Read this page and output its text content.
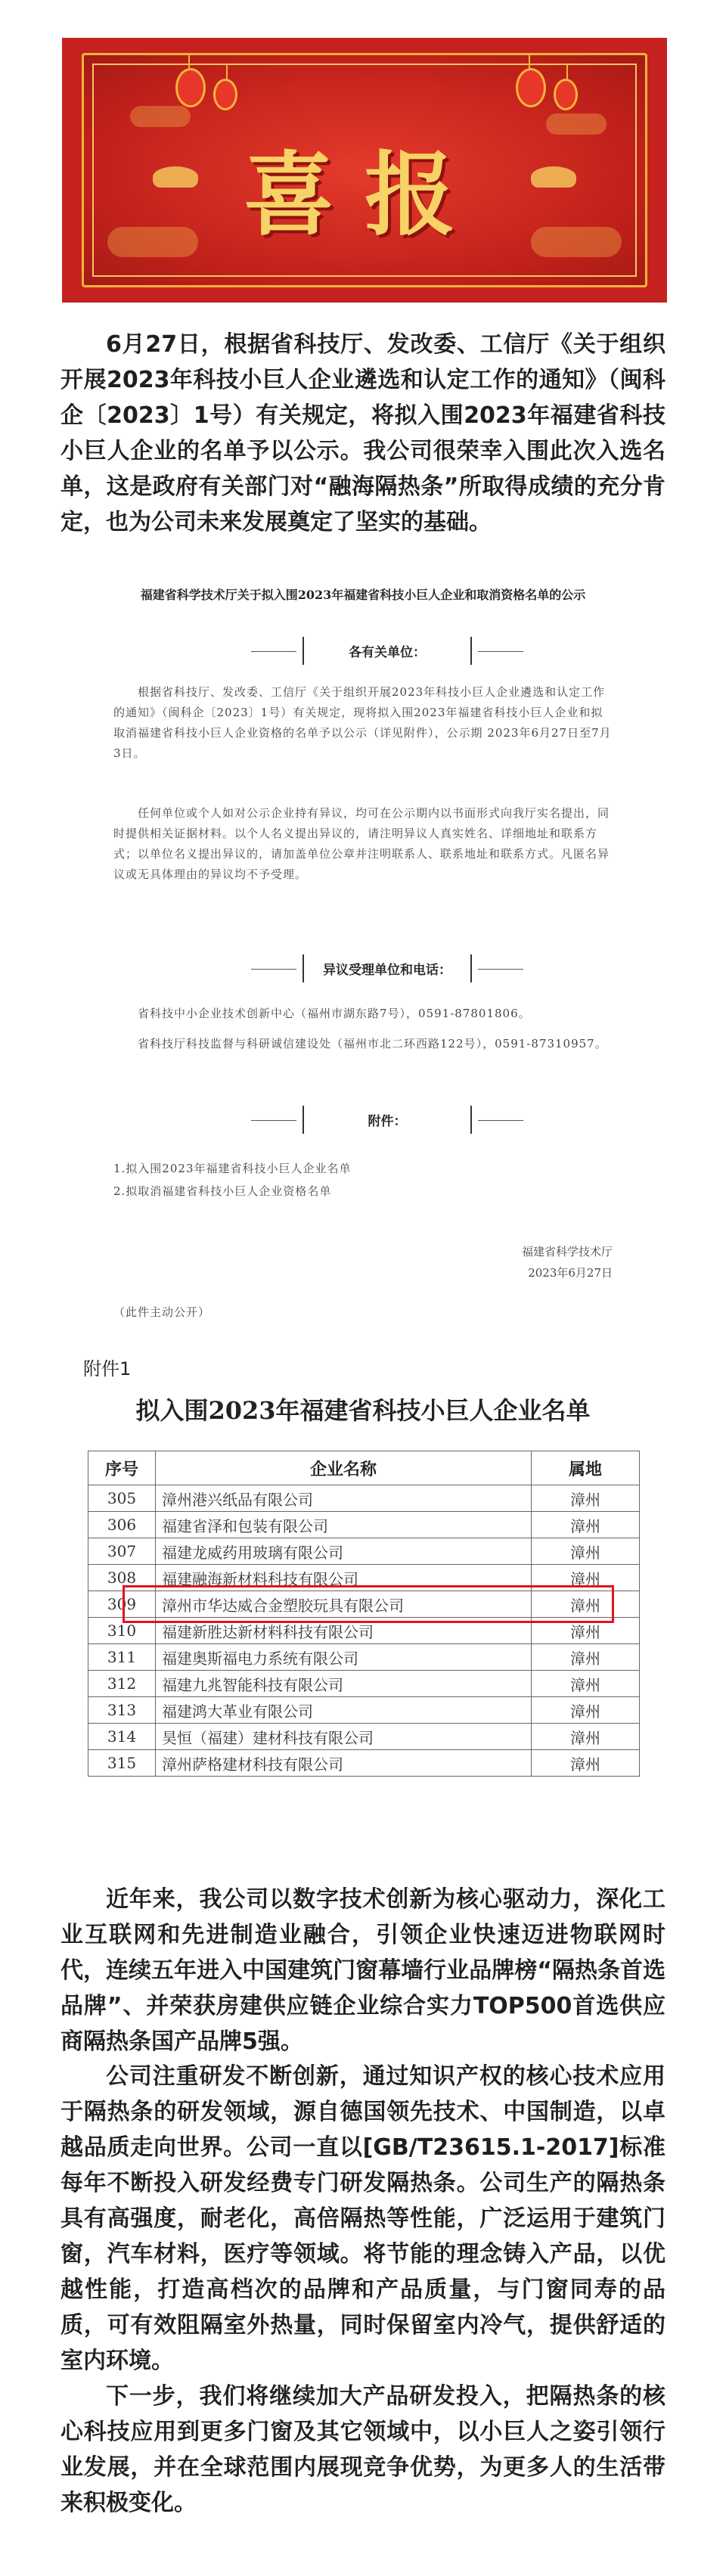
喜报

6月27日，根据省科技厅、发改委、工信厅《关于组织开展2023年科技小巨人企业遴选和认定工作的通知》（闽科企〔2023〕1号）有关规定，将拟入围2023年福建省科技小巨人企业的名单予以公示。我公司很荣幸入围此次入选名单，这是政府有关部门对“融海隔热条”所取得成绩的充分肯定，也为公司未来发展奠定了坚实的基础。

福建省科学技术厅关于拟入围2023年福建省科技小巨人企业和取消资格名单的公示
各有关单位：

根据省科技厅、发改委、工信厅《关于组织开展2023年科技小巨人企业遴选和认定工作的通知》（闽科企〔2023〕1号）有关规定，现将拟入围2023年福建省科技小巨人企业和拟取消福建省科技小巨人企业资格的名单予以公示（详见附件），公示期 2023年6月27日至7月3日。

任何单位或个人如对公示企业持有异议，均可在公示期内以书面形式向我厅实名提出，同时提供相关证据材料。以个人名义提出异议的，请注明异议人真实姓名、详细地址和联系方式；以单位名义提出异议的，请加盖单位公章并注明联系人、联系地址和联系方式。凡匿名异议或无具体理由的异议均不予受理。

异议受理单位和电话：

省科技中小企业技术创新中心（福州市湖东路7号），0591-87801806。

省科技厅科技监督与科研诚信建设处（福州市北二环西路122号），0591-87310957。

附件：

1.拟入围2023年福建省科技小巨人企业名单

2.拟取消福建省科技小巨人企业资格名单

福建省科学技术厅
2023年6月27日
（此件主动公开）
附件1
拟入围2023年福建省科技小巨人企业名单
序号	企业名称	属地
305	漳州港兴纸品有限公司	漳州
306	福建省泽和包装有限公司	漳州
307	福建龙威药用玻璃有限公司	漳州
308	福建融海新材料科技有限公司	漳州
309	漳州市华达威合金塑胶玩具有限公司	漳州
310	福建新胜达新材料科技有限公司	漳州
311	福建奥斯福电力系统有限公司	漳州
312	福建九兆智能科技有限公司	漳州
313	福建鸿大革业有限公司	漳州
314	昊恒（福建）建材科技有限公司	漳州
315	漳州萨格建材科技有限公司	漳州

近年来，我公司以数字技术创新为核心驱动力，深化工业互联网和先进制造业融合，引领企业快速迈进物联网时代，连续五年进入中国建筑门窗幕墙行业品牌榜“隔热条首选品牌”、并荣获房建供应链企业综合实力TOP500首选供应商隔热条国产品牌5强。

公司注重研发不断创新，通过知识产权的核心技术应用于隔热条的研发领域，源自德国领先技术、中国制造，以卓越品质走向世界。公司一直以[GB/T23615.1-2017]标准每年不断投入研发经费专门研发隔热条。公司生产的隔热条具有高强度，耐老化，高倍隔热等性能，广泛运用于建筑门窗，汽车材料，医疗等领域。将节能的理念铸入产品，以优越性能，打造高档次的品牌和产品质量，与门窗同寿的品质，可有效阻隔室外热量，同时保留室内冷气，提供舒适的室内环境。

下一步，我们将继续加大产品研发投入，把隔热条的核心科技应用到更多门窗及其它领域中，以小巨人之姿引领行业发展，并在全球范围内展现竞争优势，为更多人的生活带来积极变化。
